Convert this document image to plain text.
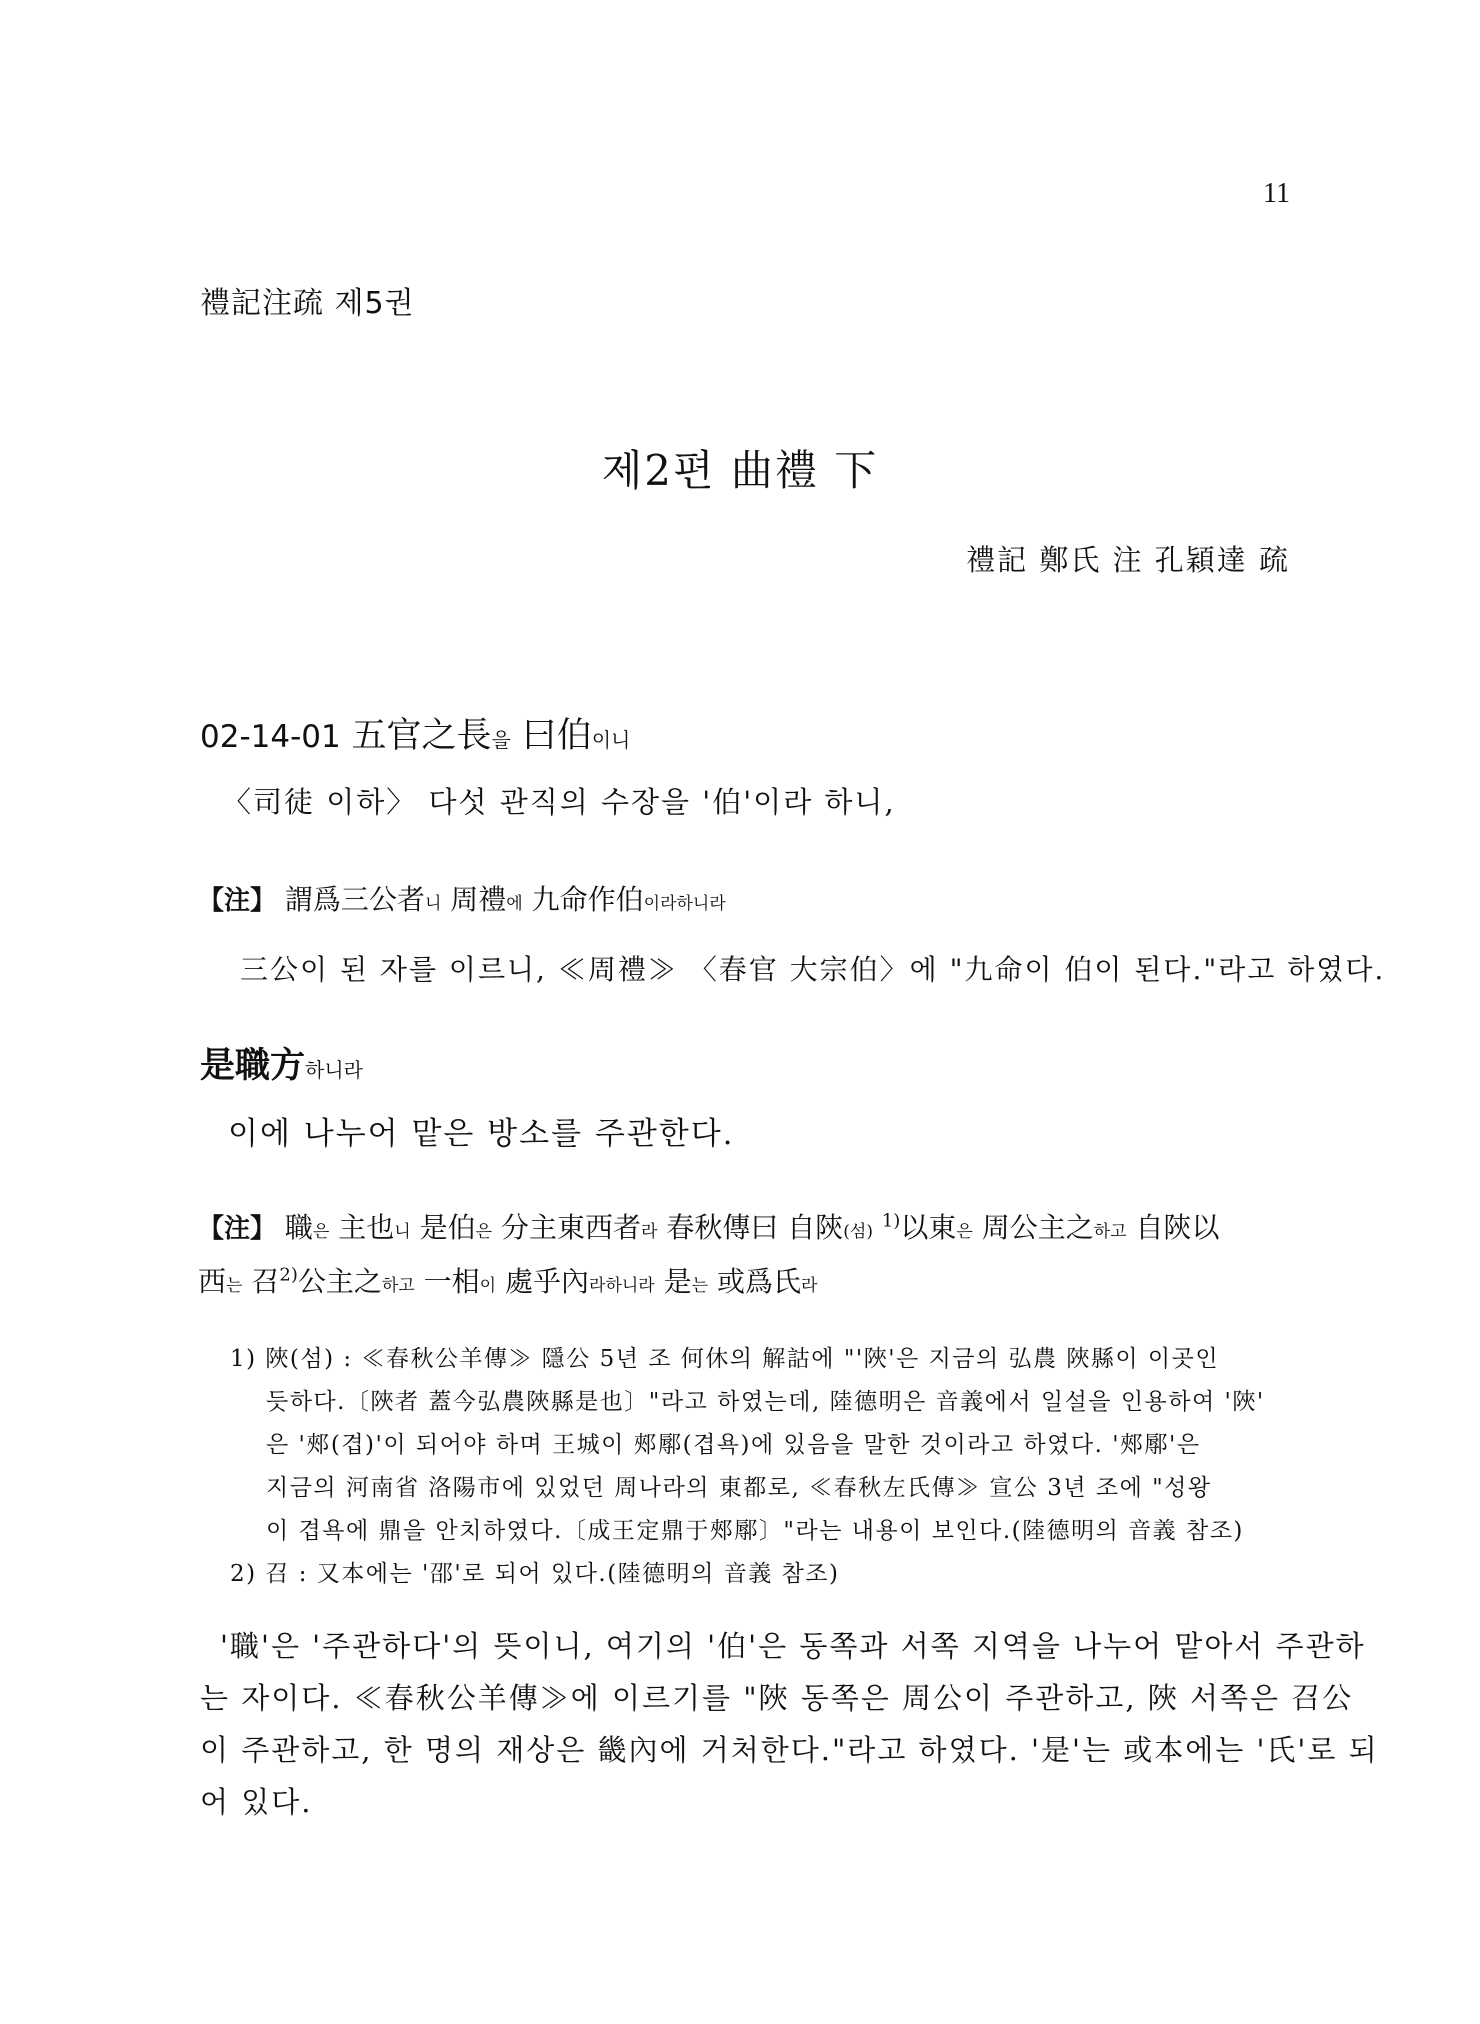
11
禮記注疏 제5권
제2편 曲禮 下
禮記 鄭氏 注 孔穎達 疏
02-14-01 五官之長을 曰伯이니
〈司徒 이하〉 다섯 관직의 수장을 '伯'이라 하니,
【注】 謂爲三公者니 周禮에 九命作伯이라하니라
三公이 된 자를 이르니, ≪周禮≫ 〈春官 大宗伯〉에 "九命이 伯이 된다."라고 하였다.
是職方하니라
이에 나누어 맡은 방소를 주관한다.
【注】 職은 主也니 是伯은 分主東西者라 春秋傳曰 自陝(섬) $^{1)}$以東은 周公主之하고 自陝以
西는 召$^{2)}$公主之하고 一相이 處乎內라하니라 是는 或爲氏라
1) 陜(섬) : ≪春秋公羊傳≫ 隱公 5년 조 何休의 解詁에 "'陜'은 지금의 弘農 陜縣이 이곳인
듯하다.〔陜者 蓋今弘農陜縣是也〕"라고 하였는데, 陸德明은 音義에서 일설을 인용하여 '陜'
은 '郟(겹)'이 되어야 하며 王城이 郟鄏(겹욕)에 있음을 말한 것이라고 하였다. '郟鄏'은
지금의 河南省 洛陽市에 있었던 周나라의 東都로, ≪春秋左氏傳≫ 宣公 3년 조에 "성왕
이 겹욕에 鼎을 안치하였다.〔成王定鼎于郟鄏〕"라는 내용이 보인다.(陸德明의 音義 참조)
2) 召 : 又本에는 '邵'로 되어 있다.(陸德明의 音義 참조)
'職'은 '주관하다'의 뜻이니, 여기의 '伯'은 동쪽과 서쪽 지역을 나누어 맡아서 주관하
는 자이다. ≪春秋公羊傳≫에 이르기를 "陜 동쪽은 周公이 주관하고, 陜 서쪽은 召公
이 주관하고, 한 명의 재상은 畿內에 거처한다."라고 하였다. '是'는 或本에는 '氏'로 되
어 있다.
